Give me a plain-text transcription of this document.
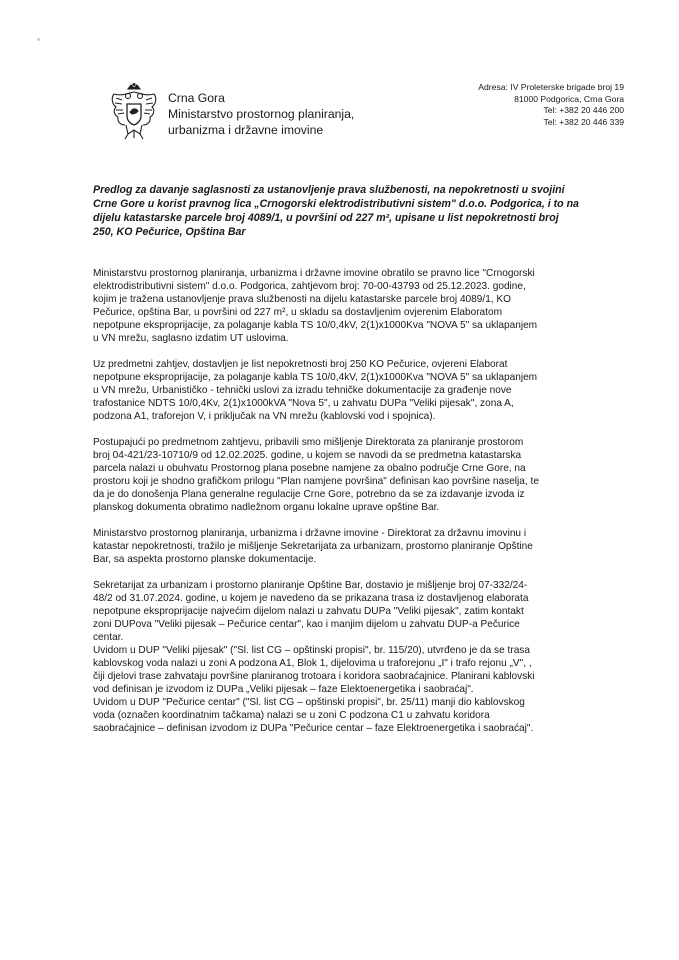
Crna Gora
Ministarstvo prostornog planiranja,
urbanizma i državne imovine
Adresa: IV Proleterske brigade broj 19
81000 Podgorica, Crna Gora
Tel: +382 20 446 200
Tel: +382 20 446 339
Predlog za davanje saglasnosti za ustanovljenje prava službenosti, na nepokretnosti u svojini
Crne Gore u korist pravnog lica „Crnogorski elektrodistributivni sistem" d.o.o. Podgorica, i to na
dijelu katastarske parcele broj 4089/1, u površini od 227 m², upisane u list nepokretnosti broj
250, KO Pečurice, Opština Bar

Ministarstvu prostornog planiranja, urbanizma i državne imovine obratilo se pravno lice "Crnogorski
elektrodistributivni sistem" d.o.o. Podgorica, zahtjevom broj: 70-00-43793 od 25.12.2023. godine,
kojim je tražena ustanovljenje prava službenosti na dijelu katastarske parcele broj 4089/1, KO
Pečurice, opština Bar, u površini od 227 m², u skladu sa dostavljenim ovjerenim Elaboratom
nepotpune eksproprijacije, za polaganje kabla TS 10/0,4kV, 2(1)x1000Kva "NOVA 5" sa uklapanjem
u VN mrežu, saglasno izdatim UT uslovima.

Uz predmetni zahtjev, dostavljen je list nepokretnosti broj 250 KO Pečurice, ovjereni Elaborat
nepotpune eksproprijacije, za polaganje kabla TS 10/0,4kV, 2(1)x1000Kva "NOVA 5" sa uklapanjem
u VN mrežu, Urbanističko - tehnički uslovi za izradu tehničke dokumentacije za građenje nove
trafostanice NDTS 10/0,4Kv, 2(1)x1000kVA "Nova 5", u zahvatu DUPa "Veliki pijesak", zona A,
podzona A1, traforejon V, i priključak na VN mrežu (kablovski vod i spojnica).

Postupajući po predmetnom zahtjevu, pribavili smo mišljenje Direktorata za planiranje prostorom
broj 04-421/23-10710/9 od 12.02.2025. godine, u kojem se navodi da se predmetna katastarska
parcela nalazi u obuhvatu Prostornog plana posebne namjene za obalno područje Crne Gore, na
prostoru koji je shodno grafičkom prilogu "Plan namjene površina" definisan kao površine naselja, te
da je do donošenja Plana generalne regulacije Crne Gore, potrebno da se za izdavanje izvoda iz
planskog dokumenta obratimo nadležnom organu lokalne uprave opštine Bar.

Ministarstvo prostornog planiranja, urbanizma i državne imovine - Direktorat za državnu imovinu i
katastar nepokretnosti, tražilo je mišljenje Sekretarijata za urbanizam, prostorno planiranje Opštine
Bar, sa aspekta prostorno planske dokumentacije.

Sekretarijat za urbanizam i prostorno planiranje Opštine Bar, dostavio je mišljenje broj 07-332/24-
48/2 od 31.07.2024. godine, u kojem je navedeno da se prikazana trasa iz dostavljenog elaborata
nepotpune eksproprijacije najvećim dijelom nalazi u zahvatu DUPa "Veliki pijesak", zatim kontakt
zoni DUPova "Veliki pijesak – Pečurice centar", kao i manjim dijelom u zahvatu DUP-a Pečurice
centar.
Uvidom u DUP "Veliki pijesak" ("Sl. list CG – opštinski propisi", br. 115/20), utvrđeno je da se trasa
kablovskog voda nalazi u zoni A podzona A1, Blok 1, dijelovima u traforejonu „I" i trafo rejonu „V", ,
čiji djelovi trase zahvataju površine planiranog trotoara i koridora saobraćajnice. Planirani kablovski
vod definisan je izvodom iz DUPa „Veliki pijesak – faze Elektoenergetika i saobraćaj".
Uvidom u DUP "Pečurice centar" ("Sl. list CG – opštinski propisi", br. 25/11) manji dio kablovskog
voda (označen koordinatnim tačkama) nalazi se u zoni C podzona C1 u zahvatu koridora
saobraćajnice – definisan izvodom iz DUPa "Pečurice centar – faze Elektroenergetika i saobraćaj".
